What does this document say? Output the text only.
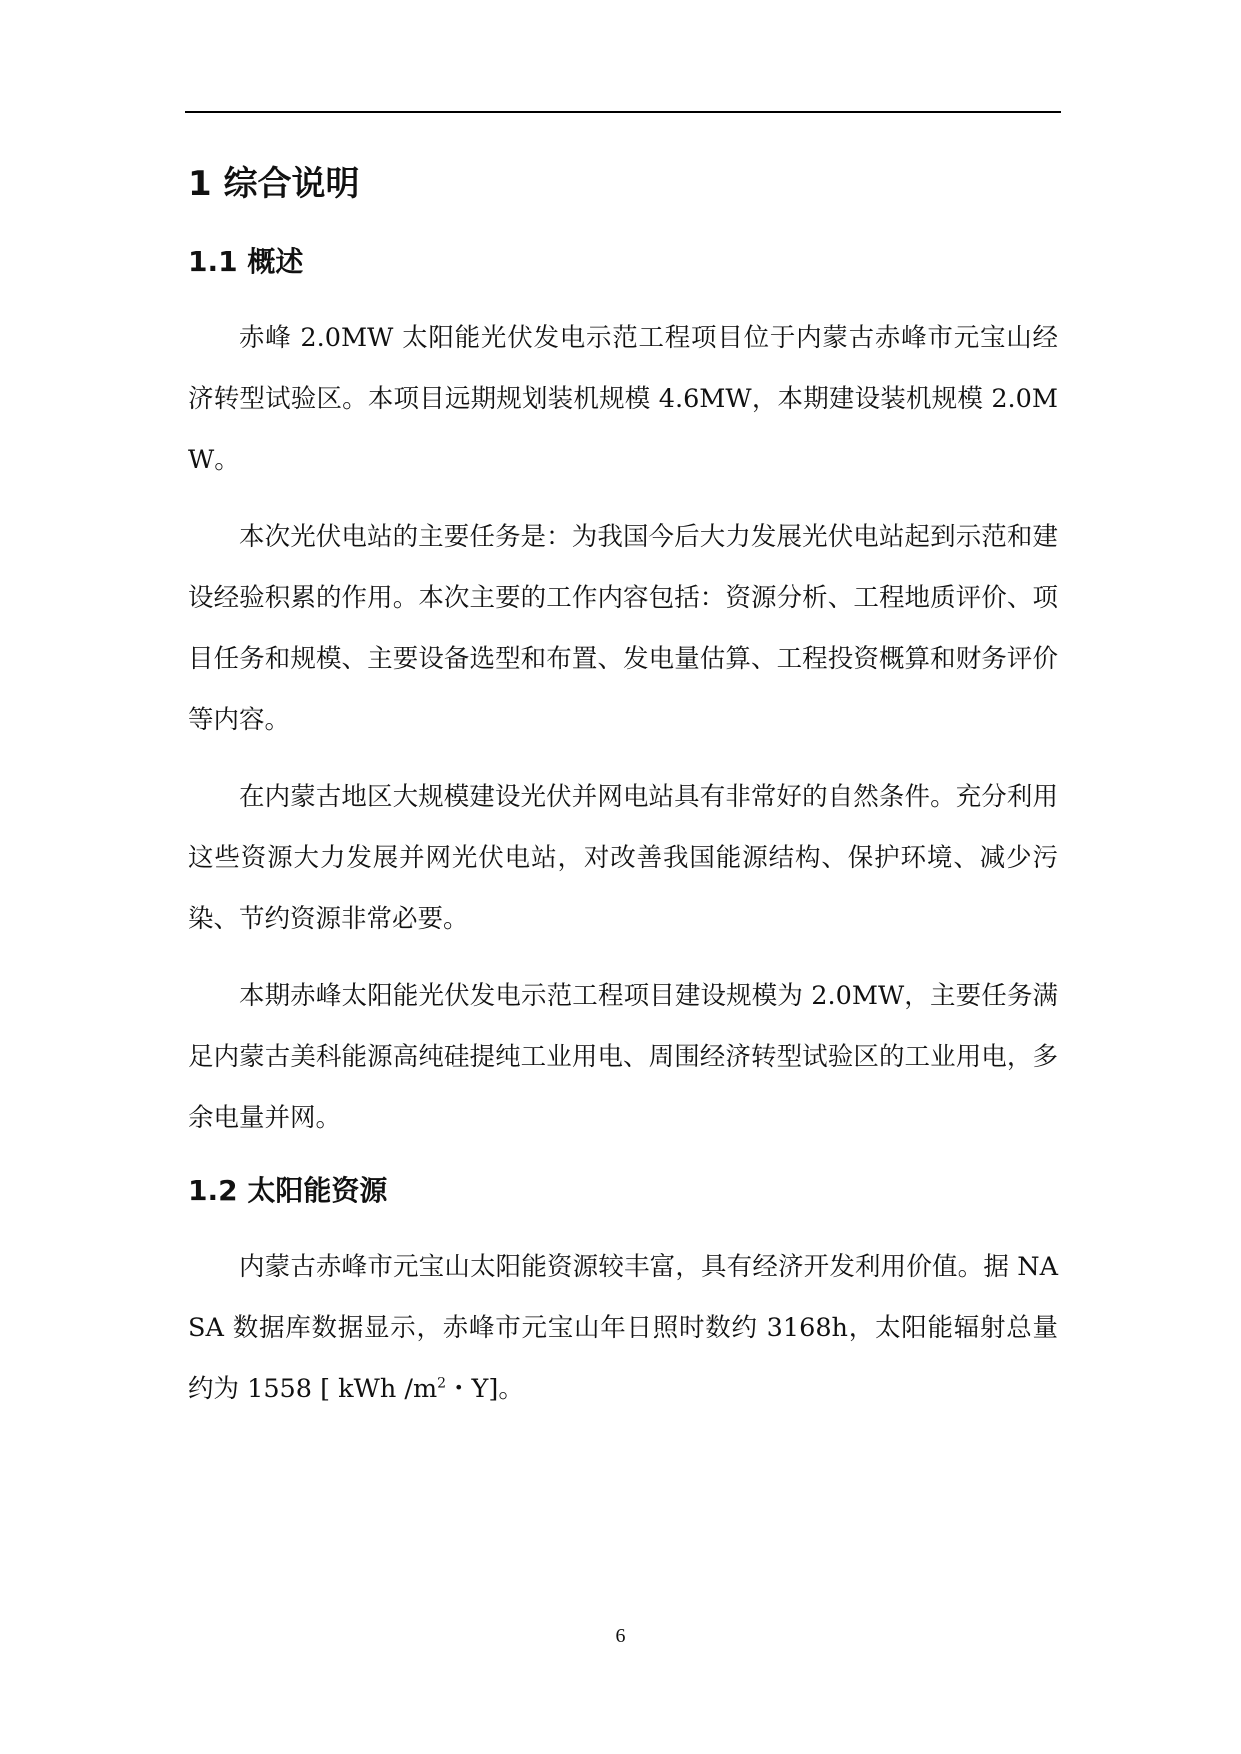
1 综合说明
1.1 概述

赤峰 2.0MW 太阳能光伏发电示范工程项目位于内蒙古赤峰市元宝山经济转型试验区。本项目远期规划装机规模 4.6MW，本期建设装机规模 2.0MW。

本次光伏电站的主要任务是：为我国今后大力发展光伏电站起到示范和建设经验积累的作用。本次主要的工作内容包括：资源分析、工程地质评价、项目任务和规模、主要设备选型和布置、发电量估算、工程投资概算和财务评价等内容。

在内蒙古地区大规模建设光伏并网电站具有非常好的自然条件。充分利用这些资源大力发展并网光伏电站，对改善我国能源结构、保护环境、减少污染、节约资源非常必要。

本期赤峰太阳能光伏发电示范工程项目建设规模为 2.0MW，主要任务满足内蒙古美科能源高纯硅提纯工业用电、周围经济转型试验区的工业用电，多余电量并网。

1.2 太阳能资源

内蒙古赤峰市元宝山太阳能资源较丰富，具有经济开发利用价值。据 NASA 数据库数据显示，赤峰市元宝山年日照时数约 3168h，太阳能辐射总量约为 1558 [ kWh $/m^2$・Y]。

6
